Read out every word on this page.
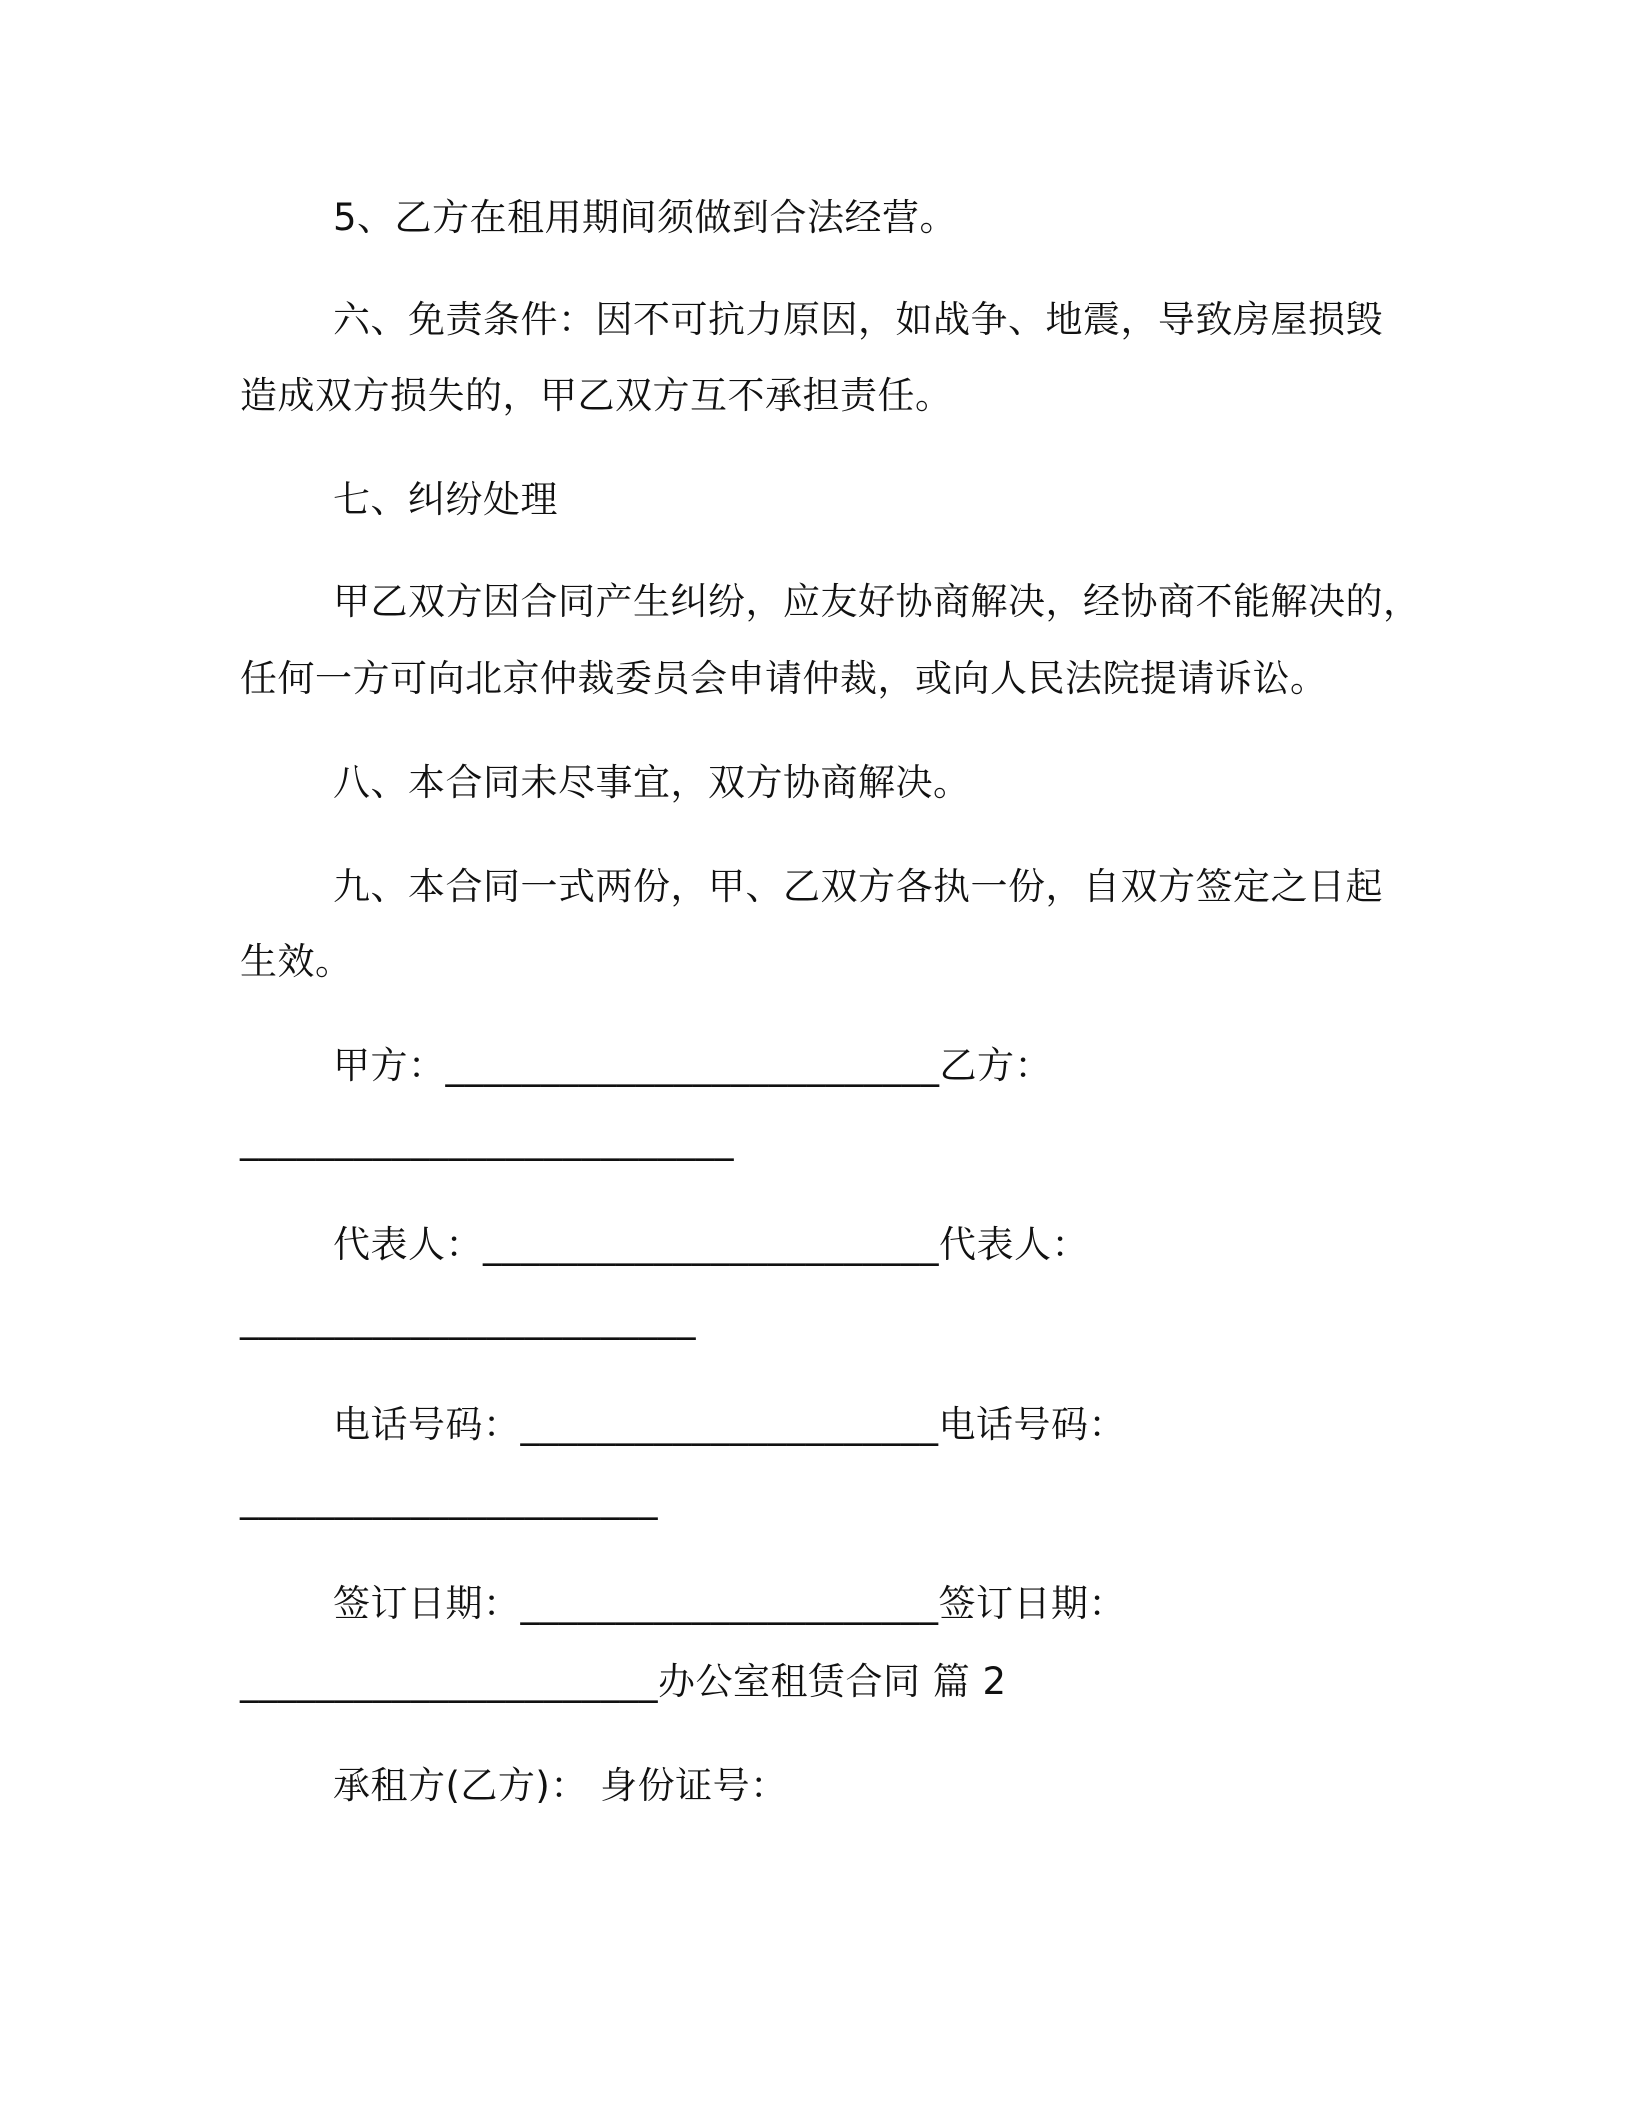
5、乙方在租用期间须做到合法经营。
六、免责条件：因不可抗力原因，如战争、地震，导致房屋损毁
造成双方损失的，甲乙双方互不承担责任。
七、纠纷处理
甲乙双方因合同产生纠纷，应友好协商解决，经协商不能解决的，
任何一方可向北京仲裁委员会申请仲裁，或向人民法院提请诉讼。
八、本合同未尽事宜，双方协商解决。
九、本合同一式两份，甲、乙双方各执一份，自双方签定之日起
生效。
甲方：__________________________乙方：
__________________________
代表人：________________________代表人：
________________________
电话号码：______________________电话号码：
______________________
签订日期：______________________签订日期：
______________________办公室租赁合同 篇 2
承租方(乙方)： 身份证号：
